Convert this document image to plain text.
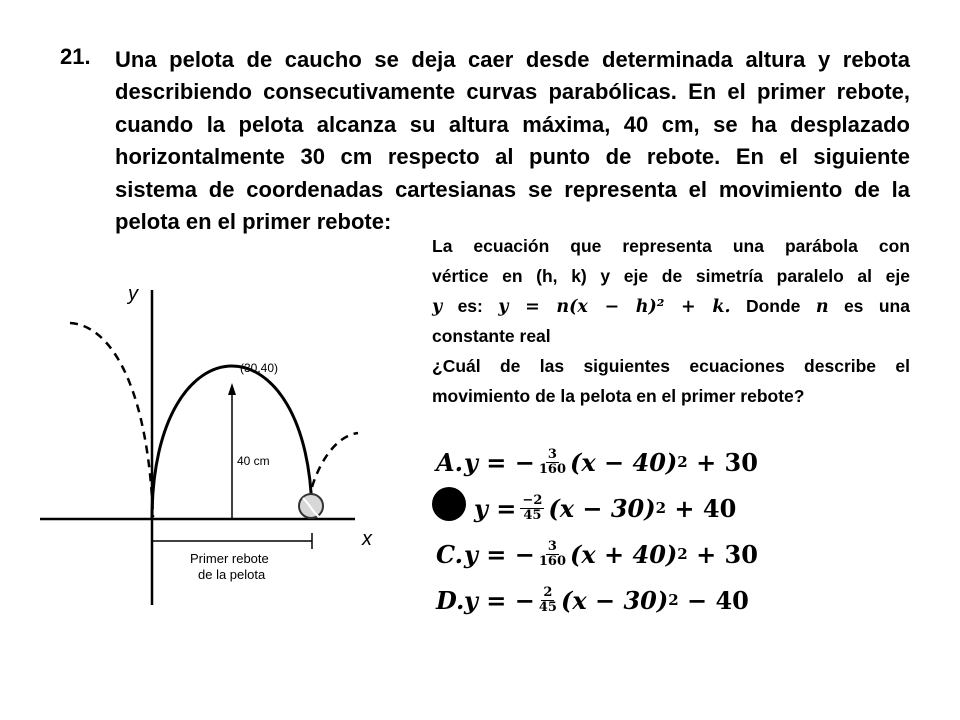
21. Una pelota de caucho se deja caer desde determinada altura y rebota
describiendo consecutivamente curvas parabólicas. En el primer rebote,
cuando la pelota alcanza su altura máxima, 40 cm, se ha desplazado
horizontalmente 30 cm respecto al punto de rebote. En el siguiente
sistema de coordenadas cartesianas se representa el movimiento de la
pelota en el primer rebote:
y
x
(30,40)
40 cm
Primer rebote
de la pelota
La ecuación que representa una parábola con
vértice en (h, k) y eje de simetría paralelo al eje
y es: y = n(x − h)² + k. Donde n es una
constante real
¿Cuál de las siguientes ecuaciones describe el
movimiento de la pelota en el primer rebote?
A. y = − $\frac{3}{160} (x - 40)$ 2
+ 30
$y = \frac{-2}{45} (x - 30)$ 2
+ 40
C. y = − $\frac{3}{160} (x + 40)$ 2
+ 30
D. y = − $\frac{2}{45} (x - 30)$ 2
− 40
